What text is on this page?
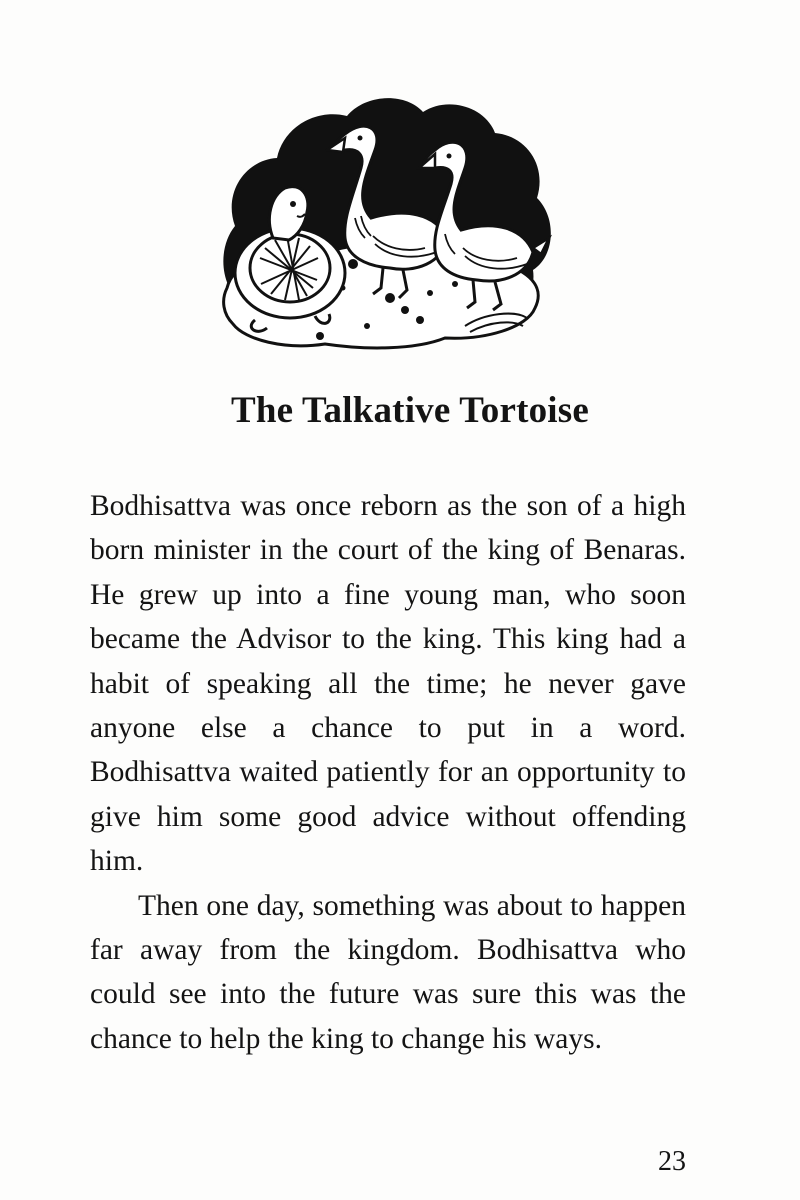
The Talkative Tortoise

Bodhisattva was once reborn as the son of a high born minister in the court of the king of Benaras. He grew up into a fine young man, who soon became the Advisor to the king. This king had a habit of speaking all the time; he never gave anyone else a chance to put in a word. Bodhisattva waited patiently for an opportunity to give him some good advice without offending him.

Then one day, something was about to happen far away from the kingdom. Bodhisattva who could see into the future was sure this was the chance to help the king to change his ways.

23
